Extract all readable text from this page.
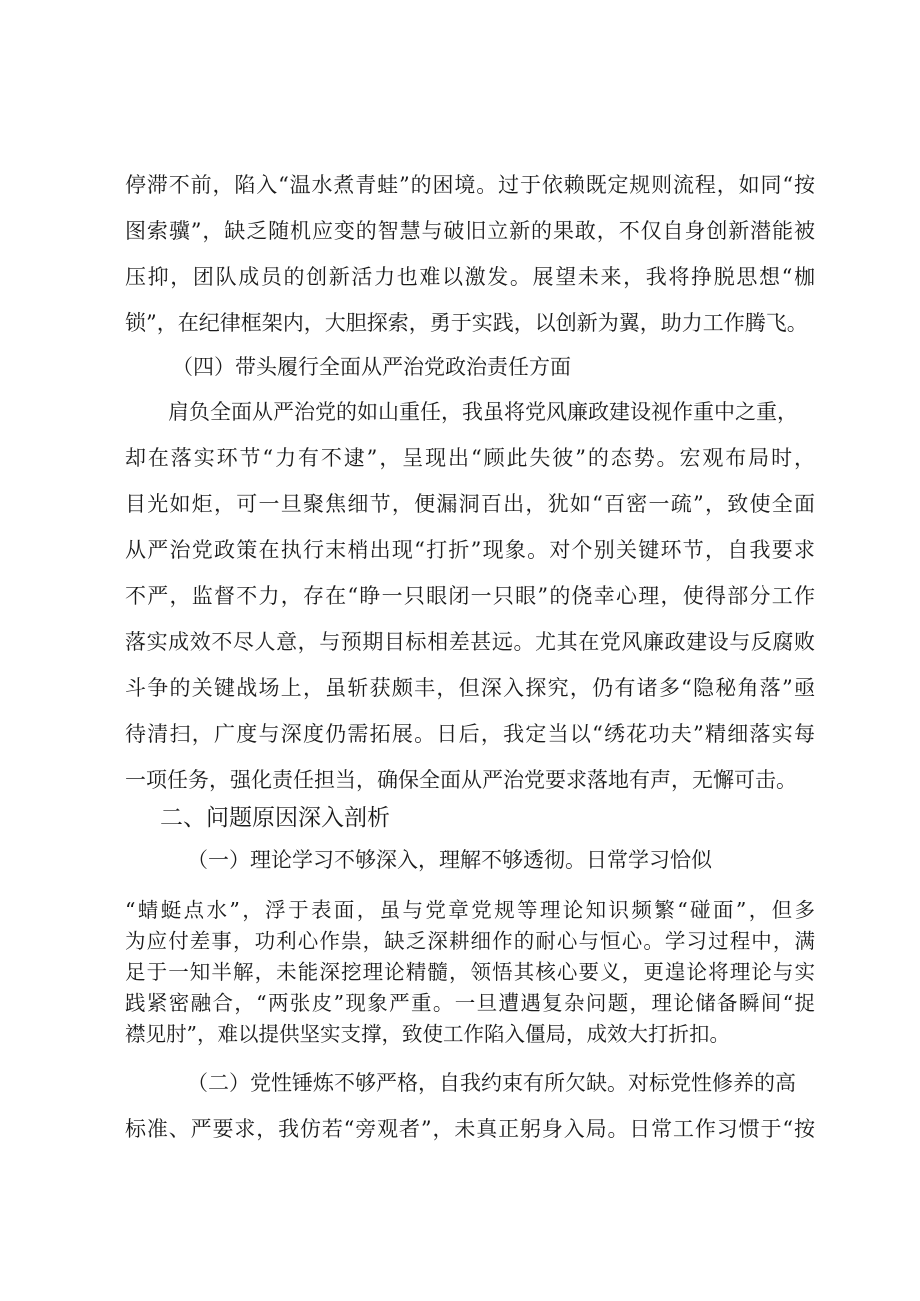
停滞不前，陷入“温水煮青蛙”的困境。过于依赖既定规则流程，如同“按
图索骥”，缺乏随机应变的智慧与破旧立新的果敢，不仅自身创新潜能被
压抑，团队成员的创新活力也难以激发。展望未来，我将挣脱思想“枷
锁”，在纪律框架内，大胆探索，勇于实践，以创新为翼，助力工作腾飞。
（四）带头履行全面从严治党政治责任方面
肩负全面从严治党的如山重任，我虽将党风廉政建设视作重中之重，
却在落实环节“力有不逮”，呈现出“顾此失彼”的态势。宏观布局时，
目光如炬，可一旦聚焦细节，便漏洞百出，犹如“百密一疏”，致使全面
从严治党政策在执行末梢出现“打折”现象。对个别关键环节，自我要求
不严，监督不力，存在“睁一只眼闭一只眼”的侥幸心理，使得部分工作
落实成效不尽人意，与预期目标相差甚远。尤其在党风廉政建设与反腐败
斗争的关键战场上，虽斩获颇丰，但深入探究，仍有诸多“隐秘角落”亟
待清扫，广度与深度仍需拓展。日后，我定当以“绣花功夫”精细落实每
一项任务，强化责任担当，确保全面从严治党要求落地有声，无懈可击。
二、问题原因深入剖析
（一）理论学习不够深入，理解不够透彻。日常学习恰似
“蜻蜓点水”，浮于表面，虽与党章党规等理论知识频繁“碰面”，但多
为应付差事，功利心作祟，缺乏深耕细作的耐心与恒心。学习过程中，满
足于一知半解，未能深挖理论精髓，领悟其核心要义，更遑论将理论与实
践紧密融合，“两张皮”现象严重。一旦遭遇复杂问题，理论储备瞬间“捉
襟见肘”，难以提供坚实支撑，致使工作陷入僵局，成效大打折扣。
（二）党性锤炼不够严格，自我约束有所欠缺。对标党性修养的高
标准、严要求，我仿若“旁观者”，未真正躬身入局。日常工作习惯于“按
